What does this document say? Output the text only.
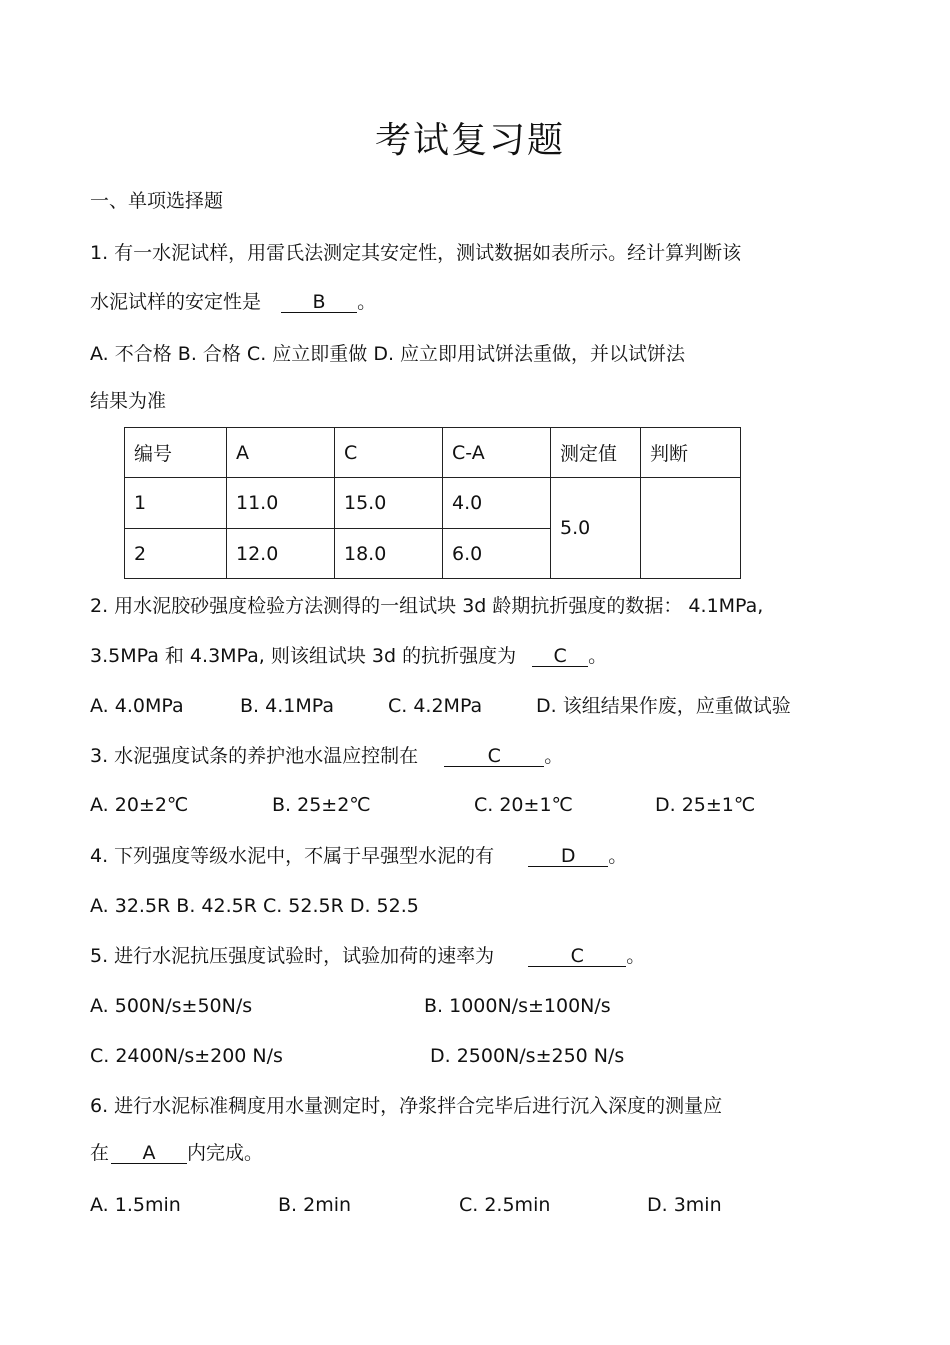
考试复习题
一、单项选择题
1. 有一水泥试样，用雷氏法测定其安定性，测试数据如表所示。经计算判断该
水泥试样的安定性是	B 。
A. 不合格 B. 合格 C. 应立即重做 D. 应立即用试饼法重做，并以试饼法
结果为准
编号	A	C	C-A	测定值	判断
1	11.0	15.0	4.0	5.0	
2	12.0	18.0	6.0		
2. 用水泥胶砂强度检验方法测得的一组试块 3d 龄期抗折强度的数据： 4.1MPa,
3.5MPa 和 4.3MPa, 则该组试块 3d 的抗折强度为 C 。
A. 4.0MPa	B. 4.1MPa	C. 4.2MPa	D. 该组结果作废，应重做试验
3. 水泥强度试条的养护池水温应控制在	C 。
A. 20±2℃	B. 25±2℃	C. 20±1℃	D. 25±1℃
4. 下列强度等级水泥中，不属于早强型水泥的有	D 。
A. 32.5R B. 42.5R C. 52.5R D. 52.5
5. 进行水泥抗压强度试验时，试验加荷的速率为	C 。
A. 500N/s±50N/s	B. 1000N/s±100N/s
C. 2400N/s±200 N/s	D. 2500N/s±250 N/s
6. 进行水泥标准稠度用水量测定时，净浆拌合完毕后进行沉入深度的测量应
在 A 内完成。
A. 1.5min	B. 2min	C. 2.5min	D. 3min
